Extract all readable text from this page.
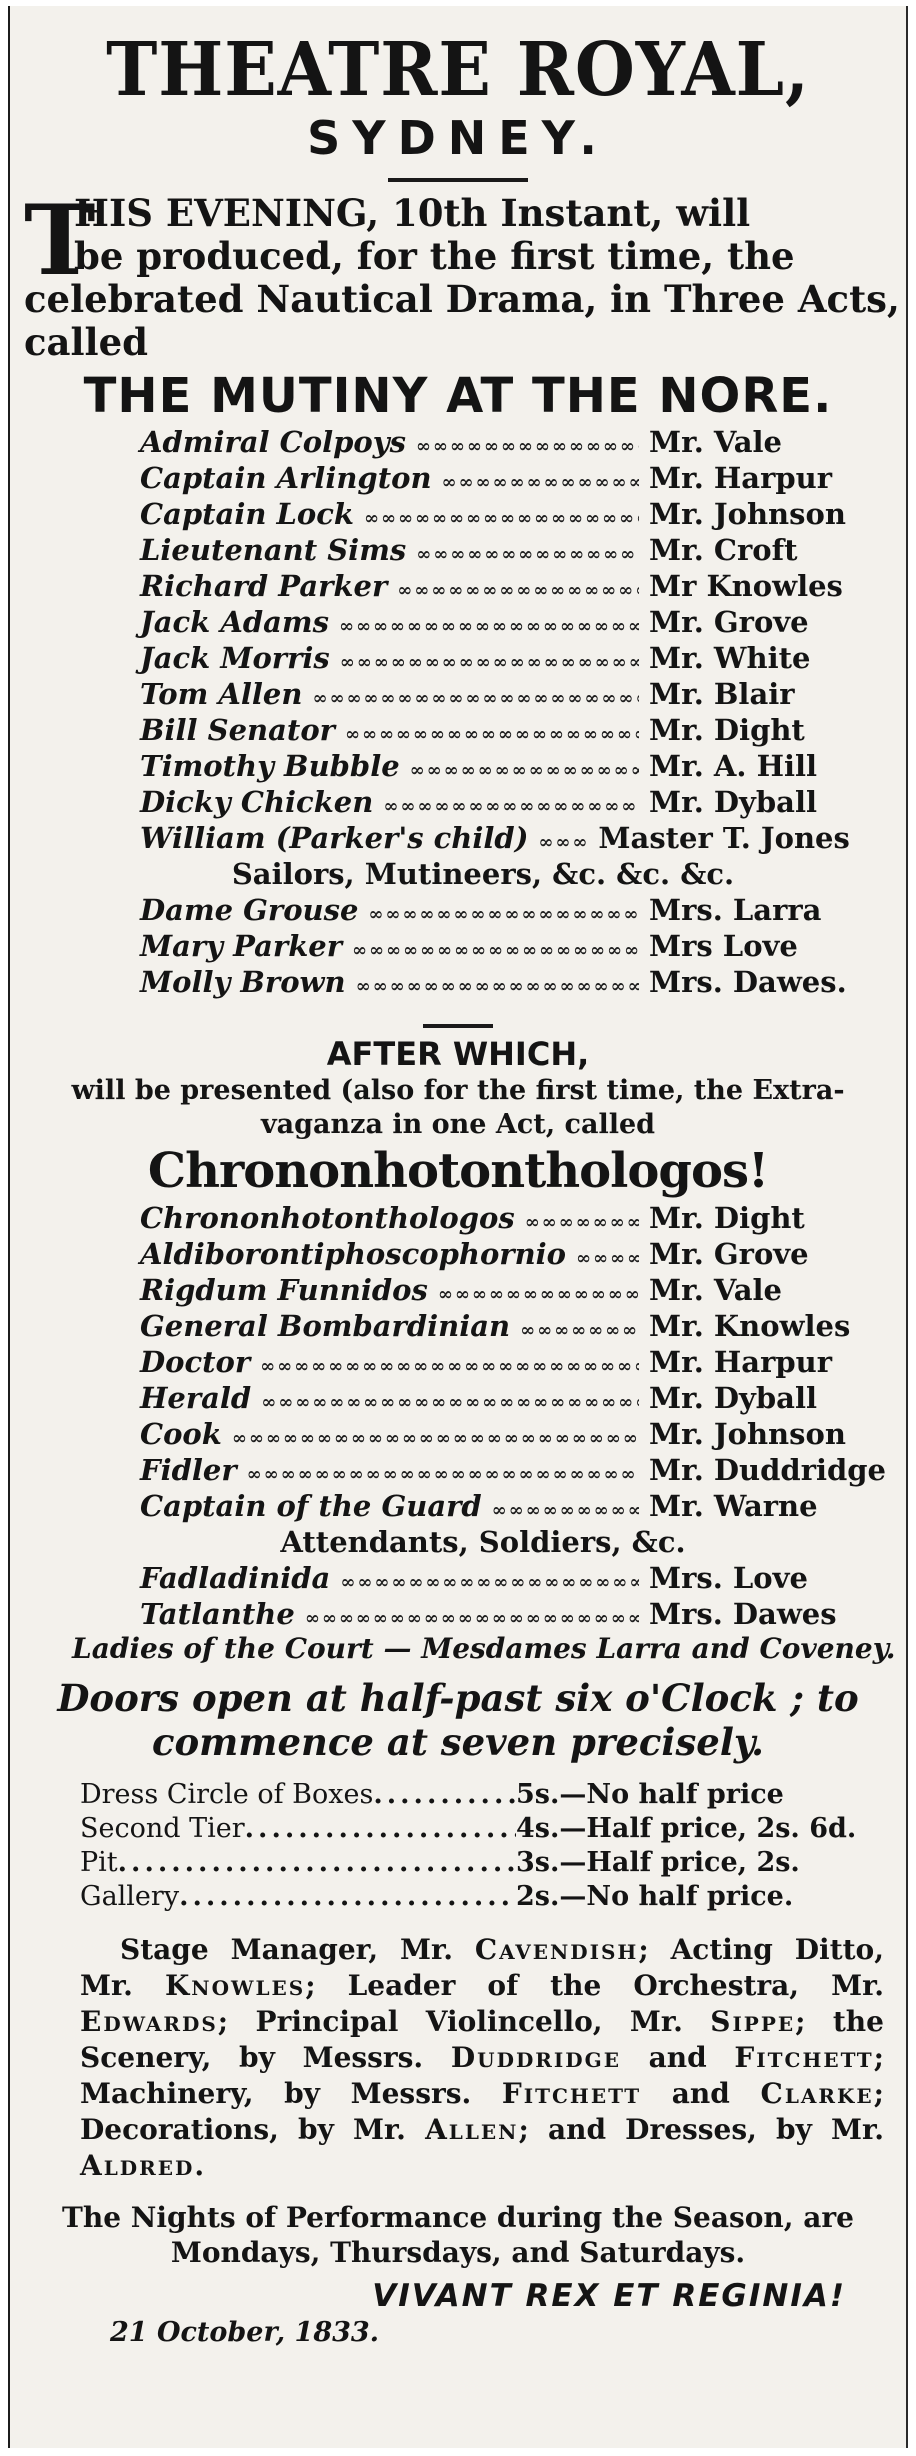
THEATRE ROYAL,
SYDNEY.
T
HIS EVENING, 10th Instant, will
be produced, for the first time, the
celebrated Nautical Drama, in Three Acts,
called
THE MUTINY AT THE NORE.
Admiral Colpoys ∞∞∞∞∞∞∞∞∞∞∞∞∞∞∞∞∞∞∞∞∞∞∞∞∞∞∞∞∞∞∞∞∞∞∞∞	Mr. Vale
Captain Arlington ∞∞∞∞∞∞∞∞∞∞∞∞∞∞∞∞∞∞∞∞∞∞∞∞∞∞∞∞∞∞∞∞∞∞∞∞	Mr. Harpur
Captain Lock ∞∞∞∞∞∞∞∞∞∞∞∞∞∞∞∞∞∞∞∞∞∞∞∞∞∞∞∞∞∞∞∞∞∞∞∞	Mr. Johnson
Lieutenant Sims ∞∞∞∞∞∞∞∞∞∞∞∞∞∞∞∞∞∞∞∞∞∞∞∞∞∞∞∞∞∞∞∞∞∞∞∞	Mr. Croft
Richard Parker ∞∞∞∞∞∞∞∞∞∞∞∞∞∞∞∞∞∞∞∞∞∞∞∞∞∞∞∞∞∞∞∞∞∞∞∞	Mr Knowles
Jack Adams ∞∞∞∞∞∞∞∞∞∞∞∞∞∞∞∞∞∞∞∞∞∞∞∞∞∞∞∞∞∞∞∞∞∞∞∞	Mr. Grove
Jack Morris ∞∞∞∞∞∞∞∞∞∞∞∞∞∞∞∞∞∞∞∞∞∞∞∞∞∞∞∞∞∞∞∞∞∞∞∞	Mr. White
Tom Allen ∞∞∞∞∞∞∞∞∞∞∞∞∞∞∞∞∞∞∞∞∞∞∞∞∞∞∞∞∞∞∞∞∞∞∞∞	Mr. Blair
Bill Senator ∞∞∞∞∞∞∞∞∞∞∞∞∞∞∞∞∞∞∞∞∞∞∞∞∞∞∞∞∞∞∞∞∞∞∞∞	Mr. Dight
Timothy Bubble ∞∞∞∞∞∞∞∞∞∞∞∞∞∞∞∞∞∞∞∞∞∞∞∞∞∞∞∞∞∞∞∞∞∞∞∞	Mr. A. Hill
Dicky Chicken ∞∞∞∞∞∞∞∞∞∞∞∞∞∞∞∞∞∞∞∞∞∞∞∞∞∞∞∞∞∞∞∞∞∞∞∞	Mr. Dyball
William (Parker's child) ∞∞∞∞∞∞∞∞∞∞∞∞∞∞∞∞∞∞∞∞∞∞∞∞∞∞∞∞∞∞∞∞∞∞∞∞ Master T. Jones
Sailors, Mutineers, &c. &c. &c.
Dame Grouse ∞∞∞∞∞∞∞∞∞∞∞∞∞∞∞∞∞∞∞∞∞∞∞∞∞∞∞∞∞∞∞∞∞∞∞∞	Mrs. Larra
Mary Parker ∞∞∞∞∞∞∞∞∞∞∞∞∞∞∞∞∞∞∞∞∞∞∞∞∞∞∞∞∞∞∞∞∞∞∞∞	Mrs Love
Molly Brown ∞∞∞∞∞∞∞∞∞∞∞∞∞∞∞∞∞∞∞∞∞∞∞∞∞∞∞∞∞∞∞∞∞∞∞∞	Mrs. Dawes.
AFTER WHICH,
will be presented (also for the first time, the Extra-
vaganza in one Act, called
Chrononhotonthologos!
Chrononhotonthologos ∞∞∞∞∞∞∞∞∞∞∞∞∞∞∞∞∞∞∞∞∞∞∞∞∞∞∞∞∞∞∞∞∞∞∞∞	Mr. Dight
Aldiborontiphoscophornio ∞∞∞∞∞∞∞∞∞∞∞∞∞∞∞∞∞∞∞∞∞∞∞∞∞∞∞∞∞∞∞∞∞∞∞∞	Mr. Grove
Rigdum Funnidos ∞∞∞∞∞∞∞∞∞∞∞∞∞∞∞∞∞∞∞∞∞∞∞∞∞∞∞∞∞∞∞∞∞∞∞∞	Mr. Vale
General Bombardinian ∞∞∞∞∞∞∞∞∞∞∞∞∞∞∞∞∞∞∞∞∞∞∞∞∞∞∞∞∞∞∞∞∞∞∞∞	Mr. Knowles
Doctor ∞∞∞∞∞∞∞∞∞∞∞∞∞∞∞∞∞∞∞∞∞∞∞∞∞∞∞∞∞∞∞∞∞∞∞∞	Mr. Harpur
Herald ∞∞∞∞∞∞∞∞∞∞∞∞∞∞∞∞∞∞∞∞∞∞∞∞∞∞∞∞∞∞∞∞∞∞∞∞	Mr. Dyball
Cook ∞∞∞∞∞∞∞∞∞∞∞∞∞∞∞∞∞∞∞∞∞∞∞∞∞∞∞∞∞∞∞∞∞∞∞∞	Mr. Johnson
Fidler ∞∞∞∞∞∞∞∞∞∞∞∞∞∞∞∞∞∞∞∞∞∞∞∞∞∞∞∞∞∞∞∞∞∞∞∞	Mr. Duddridge
Captain of the Guard ∞∞∞∞∞∞∞∞∞∞∞∞∞∞∞∞∞∞∞∞∞∞∞∞∞∞∞∞∞∞∞∞∞∞∞∞	Mr. Warne
Attendants, Soldiers, &c.
Fadladinida ∞∞∞∞∞∞∞∞∞∞∞∞∞∞∞∞∞∞∞∞∞∞∞∞∞∞∞∞∞∞∞∞∞∞∞∞	Mrs. Love
Tatlanthe ∞∞∞∞∞∞∞∞∞∞∞∞∞∞∞∞∞∞∞∞∞∞∞∞∞∞∞∞∞∞∞∞∞∞∞∞	Mrs. Dawes
Ladies of the Court — Mesdames Larra and Coveney.
Doors open at half-past six o'Clock ; to
commence at seven precisely.
Dress Circle of Boxes .....	5s.—No half price
Second Tier .....	4s.—Half price, 2s. 6d.
Pit .....	3s.—Half price, 2s.
Gallery .....	2s.—No half price.
Stage Manager, Mr. Cavendish; Acting Ditto, Mr. Knowles; Leader of the Orchestra, Mr. Edwards; Principal Violincello, Mr. Sippe; the Scenery, by Messrs. Duddridge and Fitchett; Machinery, by Messrs. Fitchett and Clarke; Decorations, by Mr. Allen; and Dresses, by Mr. Aldred.
The Nights of Performance during the Season, are
Mondays, Thursdays, and Saturdays.
VIVANT REX ET REGINIA!
21 October, 1833.
